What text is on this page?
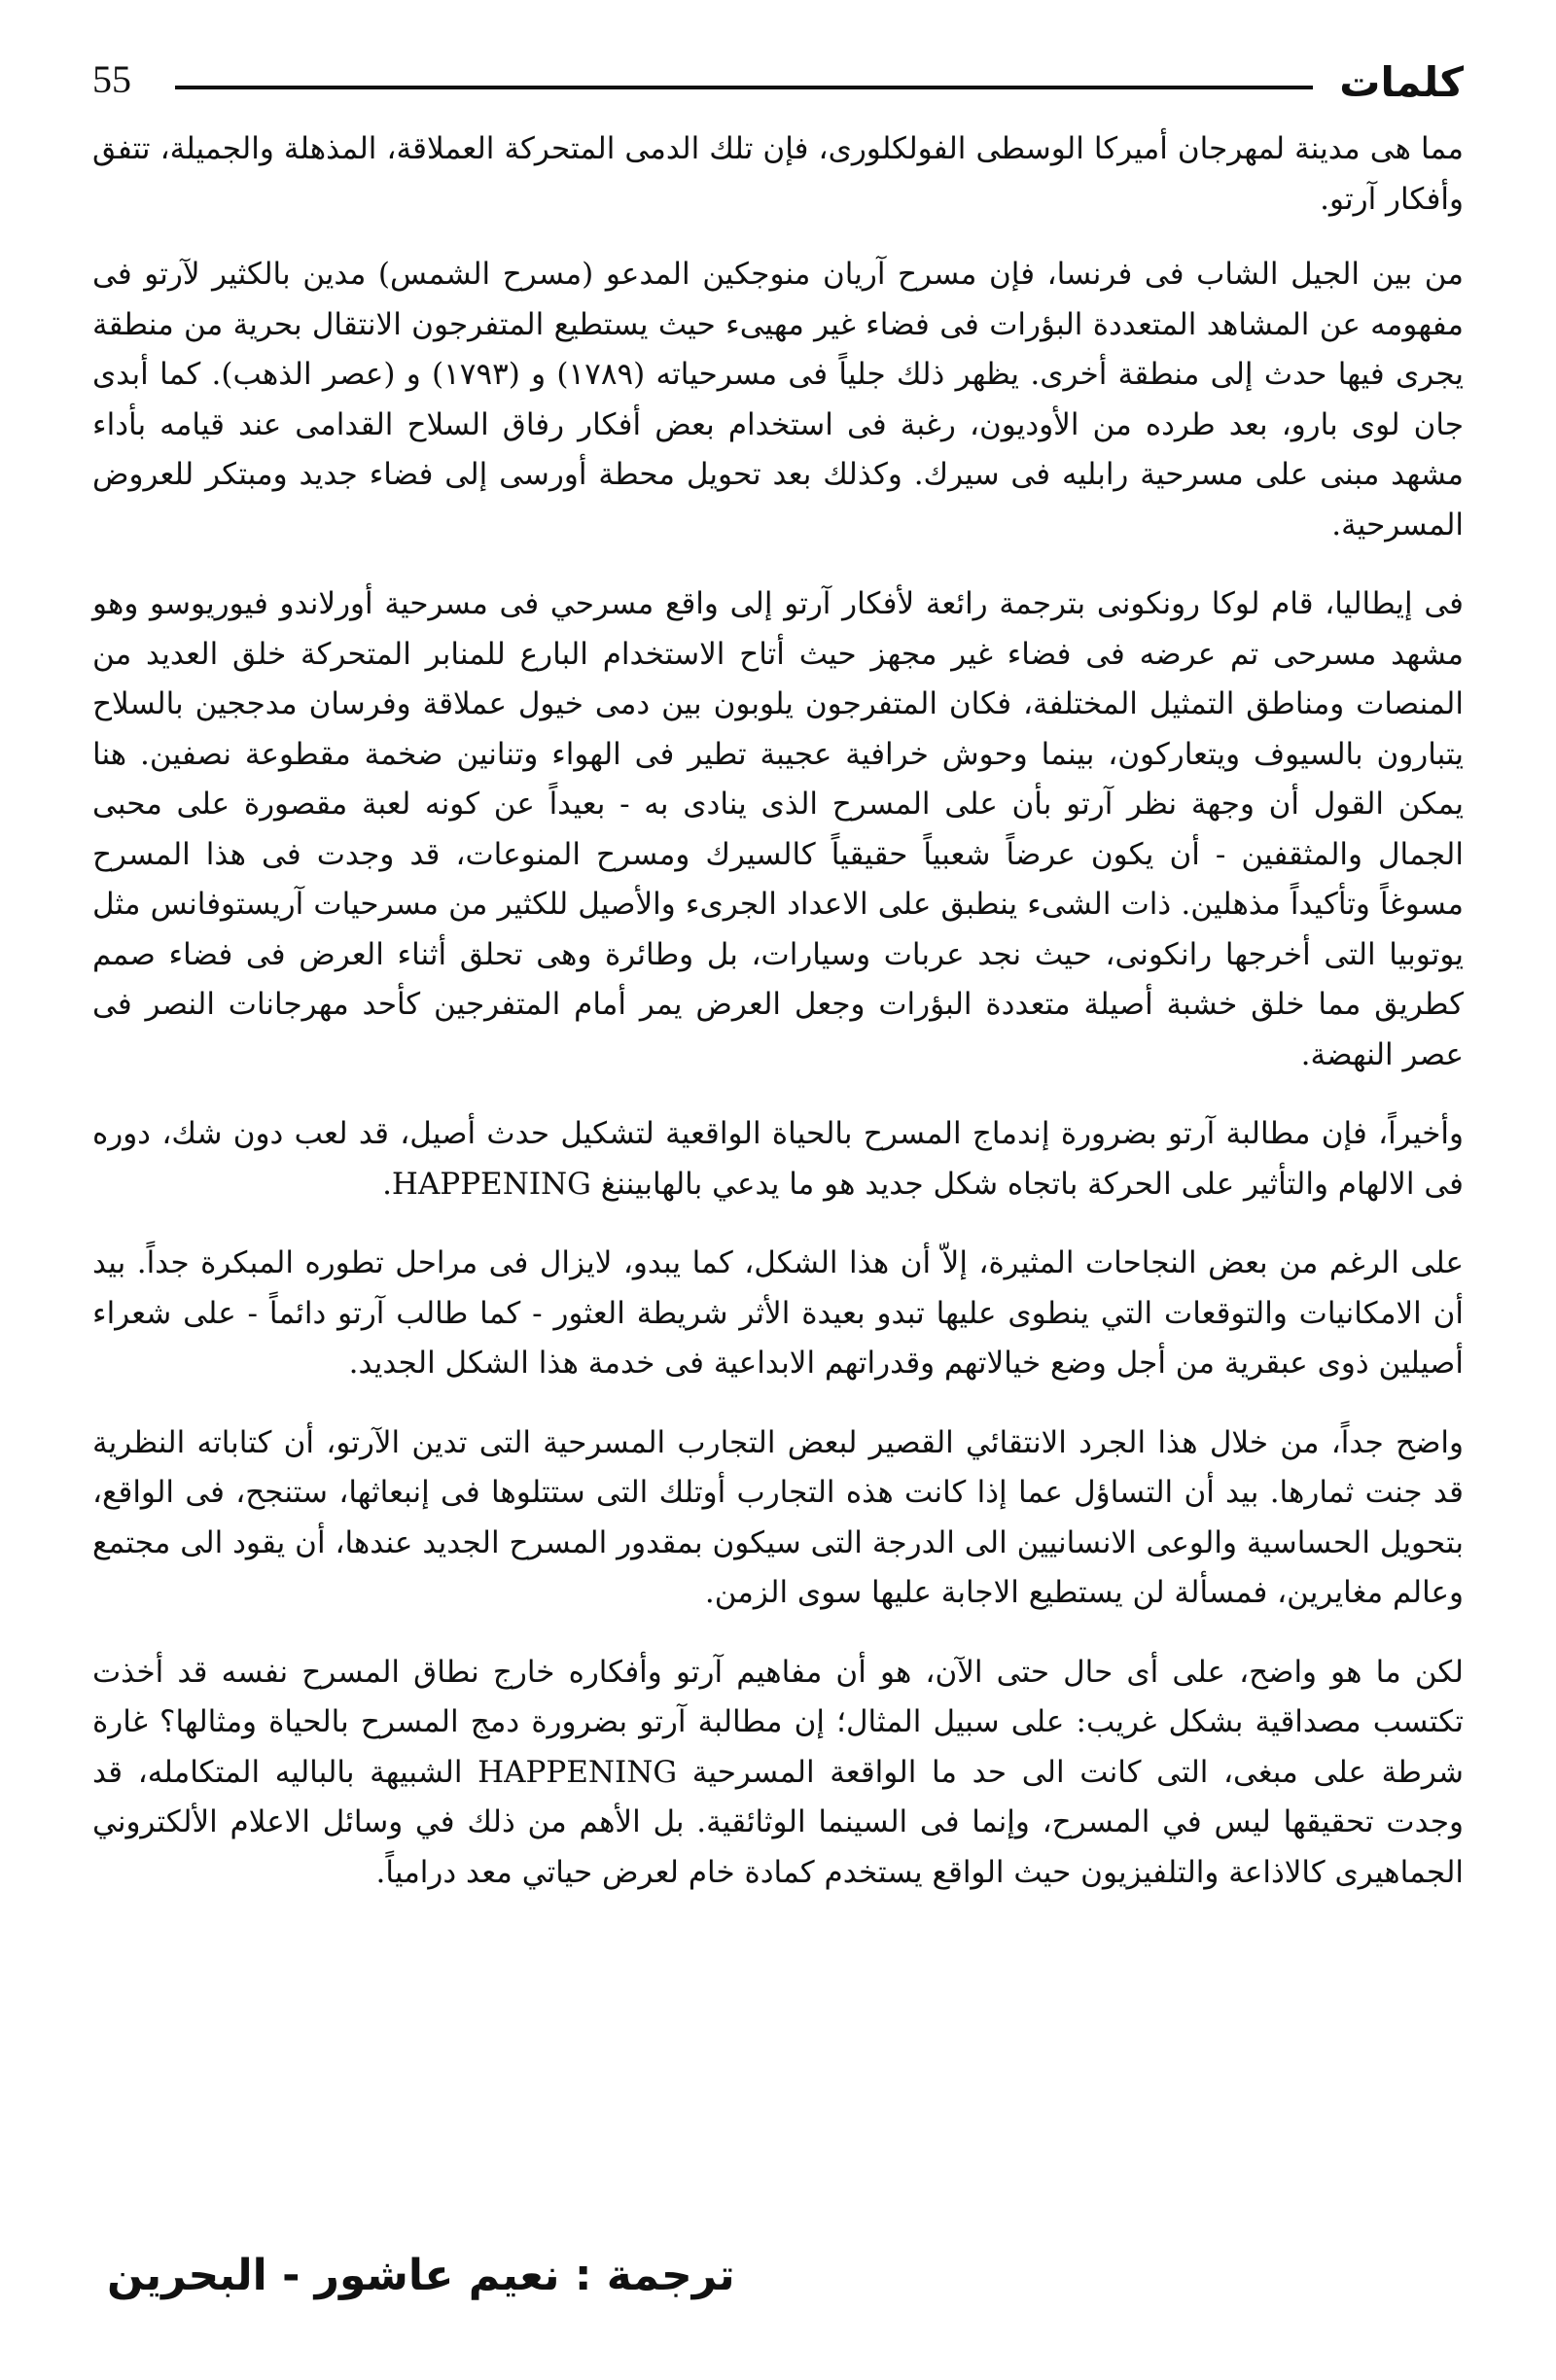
55	كلمات

مما هى مدينة لمهرجان أميركا الوسطى الفولكلورى، فإن تلك الدمى المتحركة العملاقة، المذهلة والجميلة، تتفق وأفكار آرتو.

من بين الجيل الشاب فى فرنسا، فإن مسرح آريان منوجكين المدعو (مسرح الشمس) مدين بالكثير لآرتو فى مفهومه عن المشاهد المتعددة البؤرات فى فضاء غير مهيىء حيث يستطيع المتفرجون الانتقال بحرية من منطقة يجرى فيها حدث إلى منطقة أخرى. يظهر ذلك جلياً فى مسرحياته (١٧٨٩) و (١٧٩٣) و (عصر الذهب). كما أبدى جان لوى بارو، بعد طرده من الأوديون، رغبة فى استخدام بعض أفكار رفاق السلاح القدامى عند قيامه بأداء مشهد مبنى على مسرحية رابليه فى سيرك. وكذلك بعد تحويل محطة أورسى إلى فضاء جديد ومبتكر للعروض المسرحية.

فى إيطاليا، قام لوكا رونكونى بترجمة رائعة لأفكار آرتو إلى واقع مسرحي فى مسرحية أورلاندو فيوريوسو وهو مشهد مسرحى تم عرضه فى فضاء غير مجهز حيث أتاح الاستخدام البارع للمنابر المتحركة خلق العديد من المنصات ومناطق التمثيل المختلفة، فكان المتفرجون يلوبون بين دمى خيول عملاقة وفرسان مدججين بالسلاح يتبارون بالسيوف ويتعاركون، بينما وحوش خرافية عجيبة تطير فى الهواء وتنانين ضخمة مقطوعة نصفين. هنا يمكن القول أن وجهة نظر آرتو بأن على المسرح الذى ينادى به - بعيداً عن كونه لعبة مقصورة على محبى الجمال والمثقفين - أن يكون عرضاً شعبياً حقيقياً كالسيرك ومسرح المنوعات، قد وجدت فى هذا المسرح مسوغاً وتأكيداً مذهلين. ذات الشىء ينطبق على الاعداد الجرىء والأصيل للكثير من مسرحيات آريستوفانس مثل يوتوبيا التى أخرجها رانكونى، حيث نجد عربات وسيارات، بل وطائرة وهى تحلق أثناء العرض فى فضاء صمم كطريق مما خلق خشبة أصيلة متعددة البؤرات وجعل العرض يمر أمام المتفرجين كأحد مهرجانات النصر فى عصر النهضة.

وأخيراً، فإن مطالبة آرتو بضرورة إندماج المسرح بالحياة الواقعية لتشكيل حدث أصيل، قد لعب دون شك، دوره فى الالهام والتأثير على الحركة باتجاه شكل جديد هو ما يدعي بالهابيننغ HAPPENING.

على الرغم من بعض النجاحات المثيرة، إلاّ أن هذا الشكل، كما يبدو، لايزال فى مراحل تطوره المبكرة جداً. بيد أن الامكانيات والتوقعات التي ينطوى عليها تبدو بعيدة الأثر شريطة العثور - كما طالب آرتو دائماً - على شعراء أصيلين ذوى عبقرية من أجل وضع خيالاتهم وقدراتهم الابداعية فى خدمة هذا الشكل الجديد.

واضح جداً، من خلال هذا الجرد الانتقائي القصير لبعض التجارب المسرحية التى تدين الآرتو، أن كتاباته النظرية قد جنت ثمارها. بيد أن التساؤل عما إذا كانت هذه التجارب أوتلك التى ستتلوها فى إنبعاثها، ستنجح، فى الواقع، بتحويل الحساسية والوعى الانسانيين الى الدرجة التى سيكون بمقدور المسرح الجديد عندها، أن يقود الى مجتمع وعالم مغايرين، فمسألة لن يستطيع الاجابة عليها سوى الزمن.

لكن ما هو واضح، على أى حال حتى الآن، هو أن مفاهيم آرتو وأفكاره خارج نطاق المسرح نفسه قد أخذت تكتسب مصداقية بشكل غريب: على سبيل المثال؛ إن مطالبة آرتو بضرورة دمج المسرح بالحياة ومثالها؟ غارة شرطة على مبغى، التى كانت الى حد ما الواقعة المسرحية HAPPENING الشبيهة بالباليه المتكامله، قد وجدت تحقيقها ليس في المسرح، وإنما فى السينما الوثائقية. بل الأهم من ذلك في وسائل الاعلام الألكتروني الجماهيرى كالاذاعة والتلفيزيون حيث الواقع يستخدم كمادة خام لعرض حياتي معد درامياً.

ترجمة : نعيم عاشور - البحرين
